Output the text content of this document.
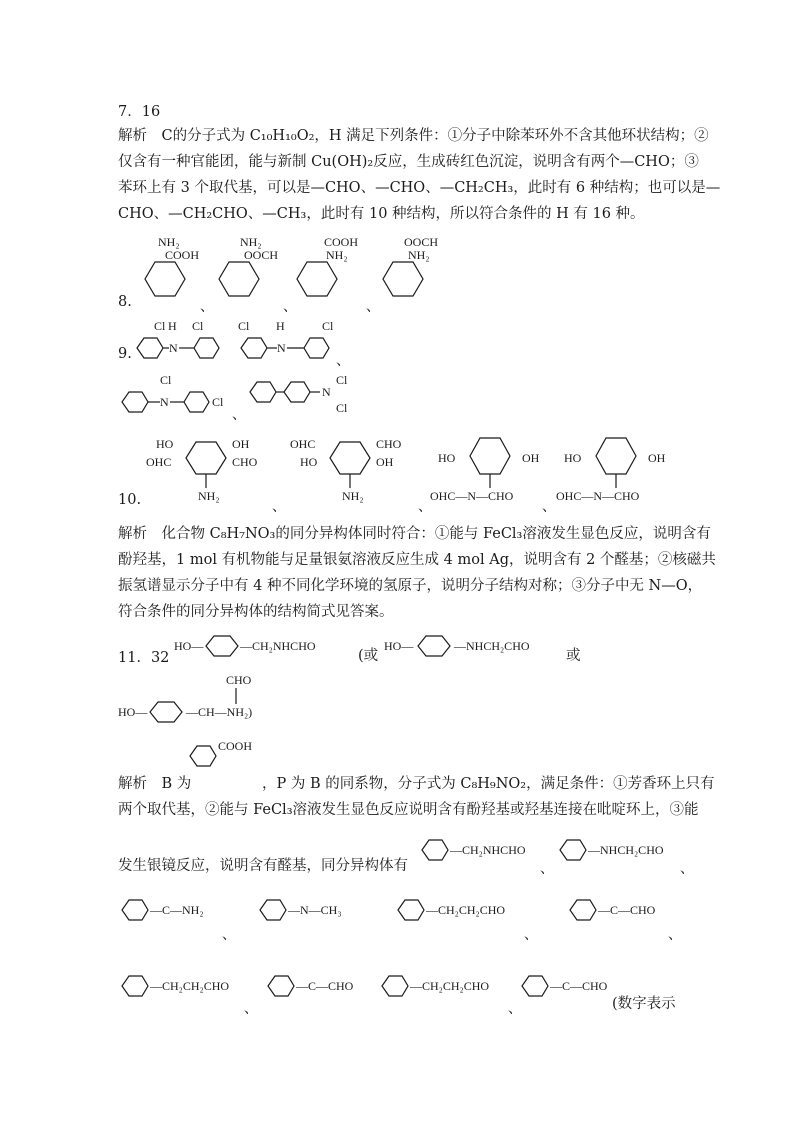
7．16
解析　C的分子式为 C₁₀H₁₀O₂，H 满足下列条件：①分子中除苯环外不含其他环状结构；②
仅含有一种官能团，能与新制 Cu(OH)₂反应，生成砖红色沉淀，说明含有两个—CHO；③
苯环上有 3 个取代基，可以是—CHO、—CHO、—CH₂CH₃，此时有 6 种结构；也可以是—
CHO、—CH₂CHO、—CH₃，此时有 10 种结构，所以符合条件的 H 有 16 种。
8.
NH₂
COOH
NH₂
OOCH
COOH
NH₂
OOCH
NH₂
、	、	、
9.
Cl H Cl
N
Cl H	Cl
N
、
Cl
N	Cl
、
Cl
N
Cl
10.
HO	OH
OHC	CHO
NH₂
、
OHC	CHO
HO	OH
NH₂
、
HO	OH
OHC—N—CHO
、
HO	OH
OHC—N—CHO
解析　化合物 C₈H₇NO₃的同分异构体同时符合：①能与 FeCl₃溶液发生显色反应，说明含有
酚羟基，1 mol 有机物能与足量银氨溶液反应生成 4 mol Ag，说明含有 2 个醛基；②核磁共
振氢谱显示分子中有 4 种不同化学环境的氢原子，说明分子结构对称；③分子中无 N—O，
符合条件的同分异构体的结构简式见答案。
11．32
HO—	—CH₂NHCHO
(或
HO—	—NHCH₂CHO
或
HO—	—CH—NH₂)
CHO
COOH
解析　B 为	，P 为 B 的同系物，分子式为 C₈H₉NO₂，满足条件：①芳香环上只有
两个取代基，②能与 FeCl₃溶液发生显色反应说明含有酚羟基或羟基连接在吡啶环上，③能
发生银镜反应，说明含有醛基，同分异构体有
—CH₂NHCHO
、
—NHCH₂CHO
、
—C—NH₂
、
—N—CH₃	—CH₂CH₂CHO
、
—C—CHO
、
—CH₂CH₂CHO
、
—C—CHO	—CH₂CH₂CHO
、
—C—CHO
(数字表示
